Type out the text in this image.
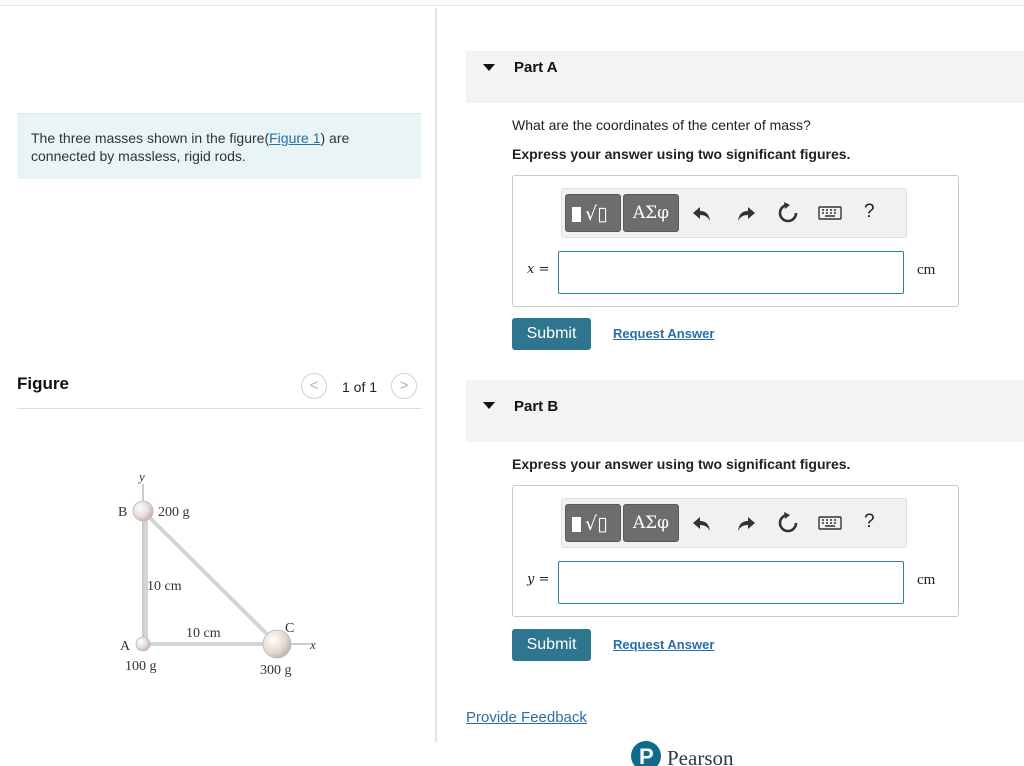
The three masses shown in the figure(Figure 1) are connected by massless, rigid rods.
Figure	<	1 of 1	>
y
x
B 200 g
10 cm
10 cm	C
A
100 g	300 g
Part A
What are the coordinates of the center of mass?
Express your answer using two significant figures.
√▯	ΑΣφ	?
x =	cm
Submit	Request Answer
Part B
Express your answer using two significant figures.
√▯	ΑΣφ	?
y =	cm
Submit	Request Answer
Provide Feedback
P Pearson
